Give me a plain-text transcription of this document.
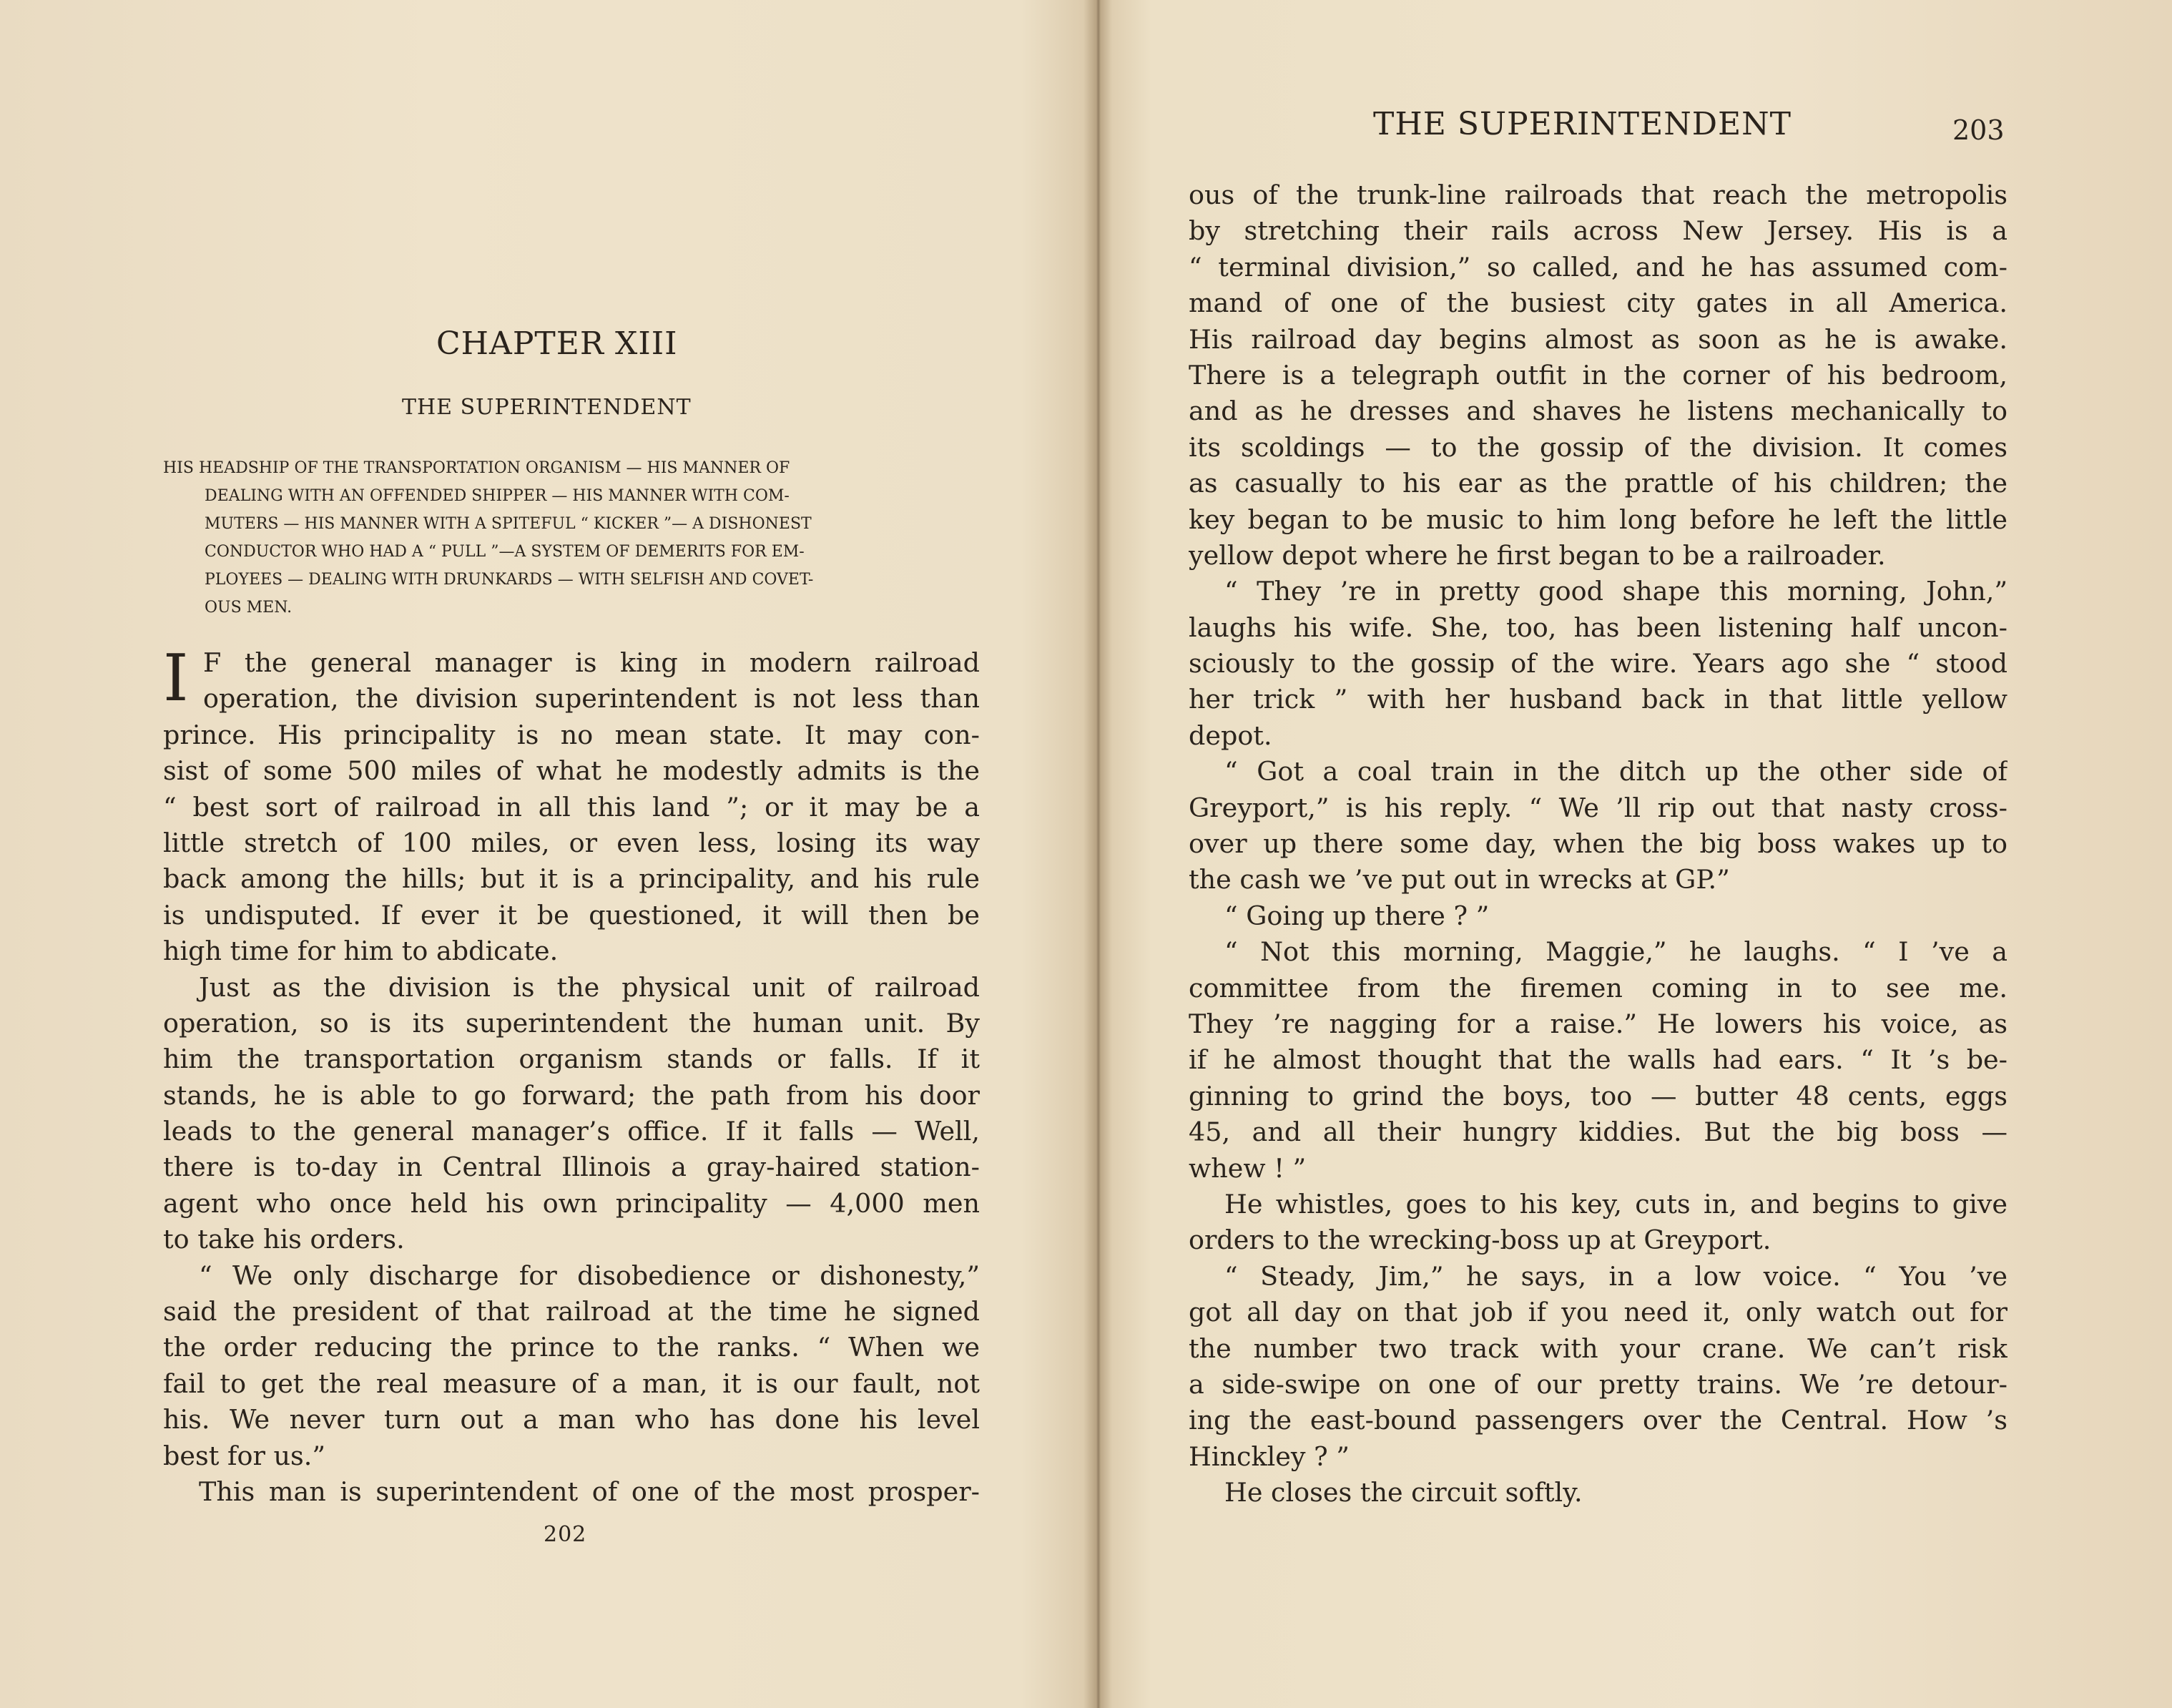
CHAPTER XIII
THE SUPERINTENDENT
HIS HEADSHIP OF THE TRANSPORTATION ORGANISM — HIS MANNER OF
DEALING WITH AN OFFENDED SHIPPER — HIS MANNER WITH COM-
MUTERS — HIS MANNER WITH A SPITEFUL “ KICKER ”— A DISHONEST
CONDUCTOR WHO HAD A “ PULL ”—A SYSTEM OF DEMERITS FOR EM-
PLOYEES — DEALING WITH DRUNKARDS — WITH SELFISH AND COVET-
OUS MEN.
I F the general manager is king in modern railroad
operation, the division superintendent is not less than
prince. His principality is no mean state. It may con-
sist of some 500 miles of what he modestly admits is the
“ best sort of railroad in all this land ”; or it may be a
little stretch of 100 miles, or even less, losing its way
back among the hills; but it is a principality, and his rule
is undisputed. If ever it be questioned, it will then be
high time for him to abdicate.
Just as the division is the physical unit of railroad
operation, so is its superintendent the human unit. By
him the transportation organism stands or falls. If it
stands, he is able to go forward; the path from his door
leads to the general manager’s office. If it falls — Well,
there is to-day in Central Illinois a gray-haired station-
agent who once held his own principality — 4,000 men
to take his orders.
“ We only discharge for disobedience or dishonesty,”
said the president of that railroad at the time he signed
the order reducing the prince to the ranks. “ When we
fail to get the real measure of a man, it is our fault, not
his. We never turn out a man who has done his level
best for us.”
This man is superintendent of one of the most prosper-
202
THE SUPERINTENDENT	203
ous of the trunk-line railroads that reach the metropolis
by stretching their rails across New Jersey. His is a
“ terminal division,” so called, and he has assumed com-
mand of one of the busiest city gates in all America.
His railroad day begins almost as soon as he is awake.
There is a telegraph outfit in the corner of his bedroom,
and as he dresses and shaves he listens mechanically to
its scoldings — to the gossip of the division. It comes
as casually to his ear as the prattle of his children; the
key began to be music to him long before he left the little
yellow depot where he first began to be a railroader.
“ They ’re in pretty good shape this morning, John,”
laughs his wife. She, too, has been listening half uncon-
sciously to the gossip of the wire. Years ago she “ stood
her trick ” with her husband back in that little yellow
depot.
“ Got a coal train in the ditch up the other side of
Greyport,” is his reply. “ We ’ll rip out that nasty cross-
over up there some day, when the big boss wakes up to
the cash we ’ve put out in wrecks at GP.”
“ Going up there ? ”
“ Not this morning, Maggie,” he laughs. “ I ’ve a
committee from the firemen coming in to see me.
They ’re nagging for a raise.” He lowers his voice, as
if he almost thought that the walls had ears. “ It ’s be-
ginning to grind the boys, too — butter 48 cents, eggs
45, and all their hungry kiddies. But the big boss —
whew ! ”
He whistles, goes to his key, cuts in, and begins to give
orders to the wrecking-boss up at Greyport.
“ Steady, Jim,” he says, in a low voice. “ You ’ve
got all day on that job if you need it, only watch out for
the number two track with your crane. We can’t risk
a side-swipe on one of our pretty trains. We ’re detour-
ing the east-bound passengers over the Central. How ’s
Hinckley ? ”
He closes the circuit softly.
